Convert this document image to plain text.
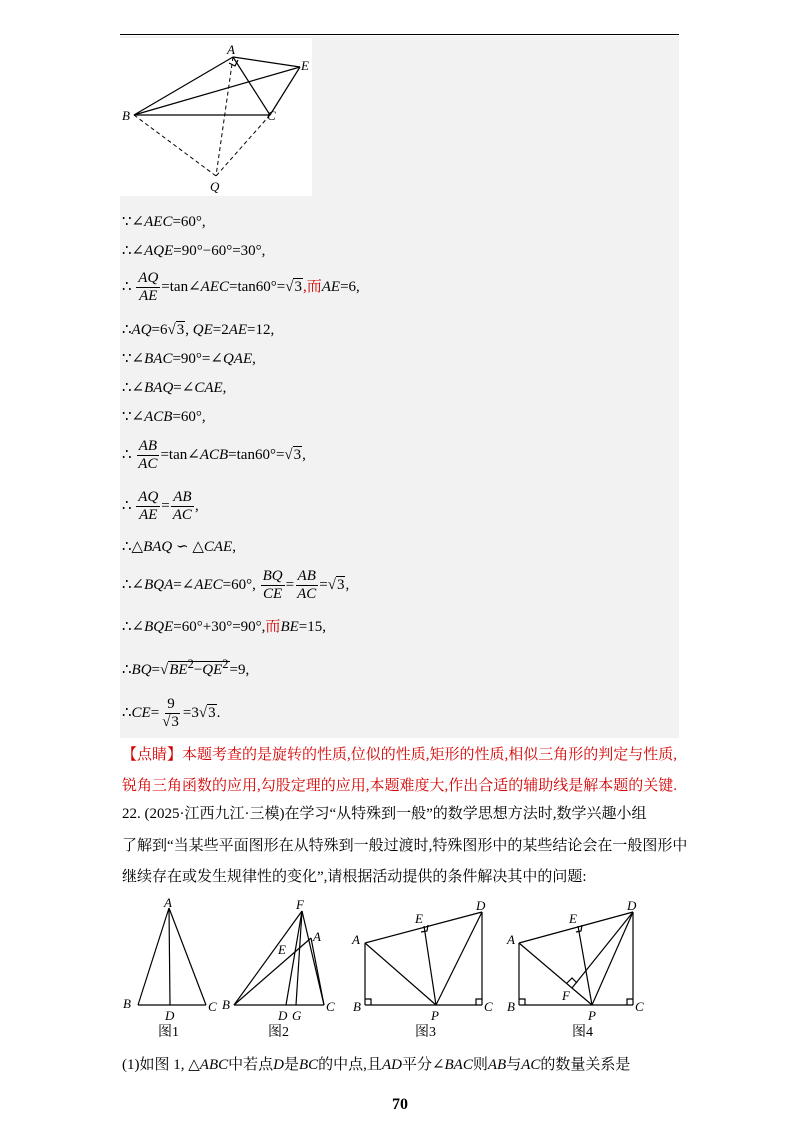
A
E
B	C
Q
∵∠AEC=60°,
∴∠AQE=90°−60°=30°,
∴ $\frac{AQ}{AE}$ =tan∠AEC=tan60°=√3,而AE=6,
∴AQ=6√3, QE=2AE=12,
∵∠BAC=90°=∠QAE,
∴∠BAQ=∠CAE,
∵∠ACB=60°,
∴ $\frac{AB}{AC}$ =tan∠ACB=tan60°=√3,
∴ $\frac{AQ}{AE} = \frac{AB}{AC}$ ,
∴△BAQ ∽ △CAE,
∴∠BQA=∠AEC=60°, $\frac{BQ}{CE} = \frac{AB}{AC} =√3$,
∴∠BQE=60°+30°=90°,而BE=15,
$\therefore BQ=√BE^2-QE^2=9$,
∴CE= $\frac{9}{√3} =3√3$.
【点睛】本题考查的是旋转的性质,位似的性质,矩形的性质,相似三角形的判定与性质,
锐角三角函数的应用,勾股定理的应用,本题难度大,作出合适的辅助线是解本题的关键.
22. (2025·江西九江·三模)在学习“从特殊到一般”的数学思想方法时,数学兴趣小组
了解到“当某些平面图形在从特殊到一般过渡时,特殊图形中的某些结论会在一般图形中
继续存在或发生规律性的变化”,请根据活动提供的条件解决其中的问题:
A
B
D
C
F
A
E
B
D G
C
A
E
D
B
P
C
A
E
D
F
B
P
C
图1	图2	图3	图4
(1)如图 1, △ABC中若点D是BC的中点,且AD平分∠BAC则AB与AC的数量关系是
70
